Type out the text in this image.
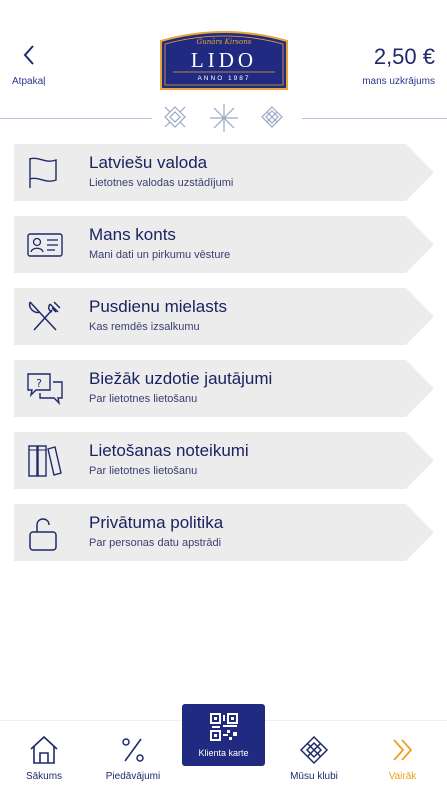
Atpakaļ
Gunārs Kirsons
LIDO
ANNO 1987
2,50 €
mans uzkrājums
Latviešu valoda
Lietotnes valodas uzstādījumi
Mans konts
Mani dati un pirkumu vēsture
Pusdienu mielasts
Kas remdēs izsalkumu
?	Biežāk uzdotie jautājumi
Par lietotnes lietošanu
Lietošanas noteikumi
Par lietotnes lietošanu
Privātuma politika
Par personas datu apstrādi
Sākums	Piedāvājumi	Mūsu klubi	Vairāk
Klienta karte
